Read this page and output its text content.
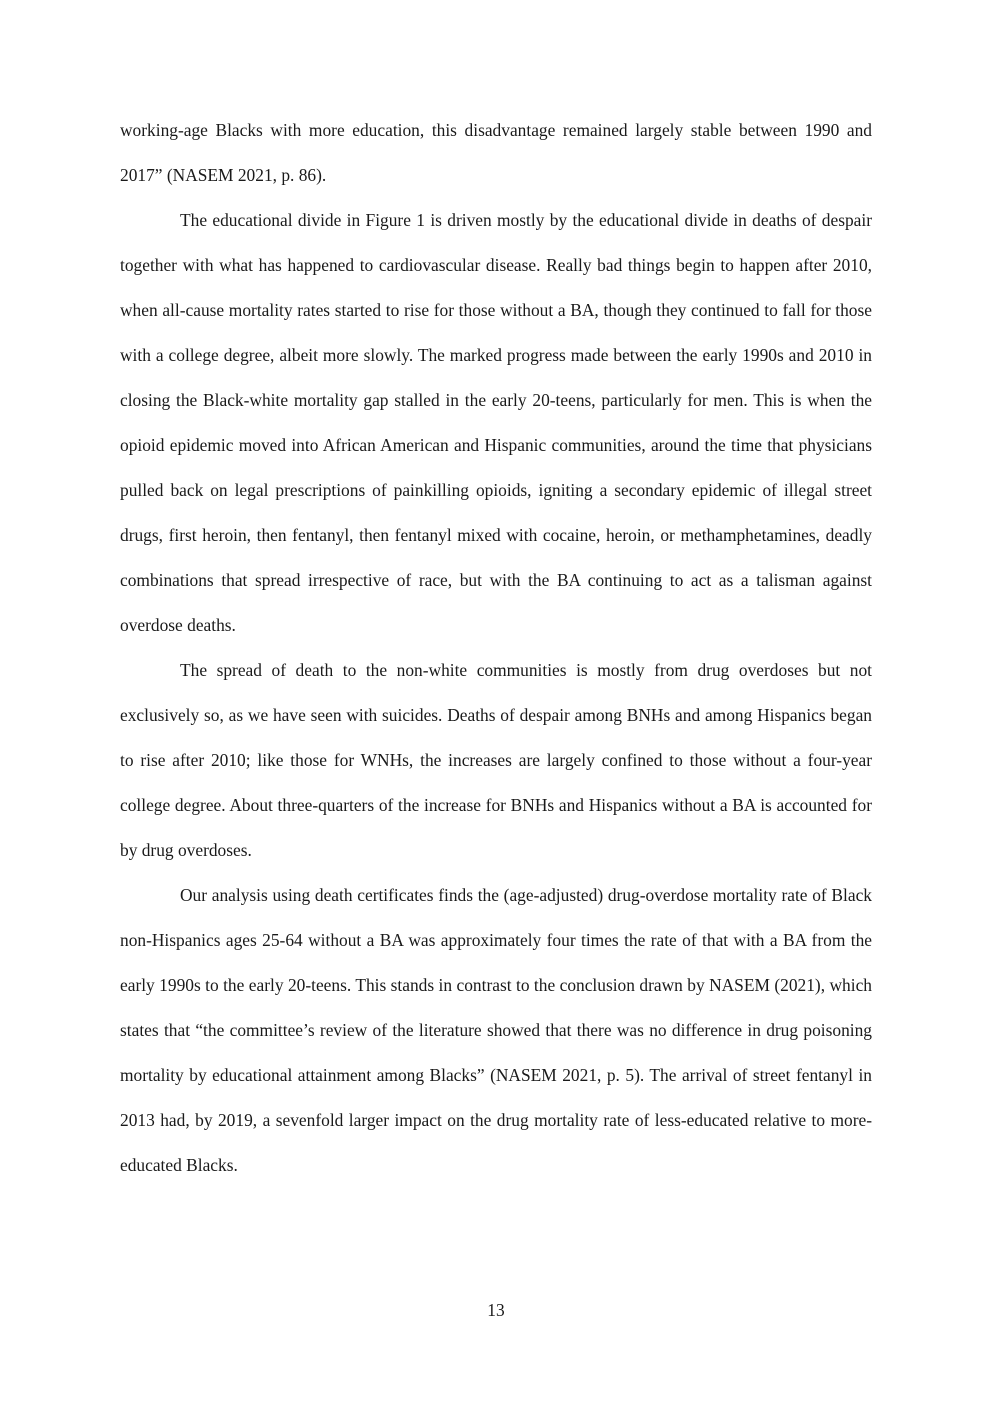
working-age Blacks with more education, this disadvantage remained largely stable between 1990 and 2017” (NASEM 2021, p. 86).

The educational divide in Figure 1 is driven mostly by the educational divide in deaths of despair together with what has happened to cardiovascular disease. Really bad things begin to happen after 2010, when all-cause mortality rates started to rise for those without a BA, though they continued to fall for those with a college degree, albeit more slowly. The marked progress made between the early 1990s and 2010 in closing the Black-white mortality gap stalled in the early 20-teens, particularly for men. This is when the opioid epidemic moved into African American and Hispanic communities, around the time that physicians pulled back on legal prescriptions of painkilling opioids, igniting a secondary epidemic of illegal street drugs, first heroin, then fentanyl, then fentanyl mixed with cocaine, heroin, or methamphetamines, deadly combinations that spread irrespective of race, but with the BA continuing to act as a talisman against overdose deaths.

The spread of death to the non-white communities is mostly from drug overdoses but not exclusively so, as we have seen with suicides. Deaths of despair among BNHs and among Hispanics began to rise after 2010; like those for WNHs, the increases are largely confined to those without a four-year college degree. About three-quarters of the increase for BNHs and Hispanics without a BA is accounted for by drug overdoses.

Our analysis using death certificates finds the (age-adjusted) drug-overdose mortality rate of Black non-Hispanics ages 25-64 without a BA was approximately four times the rate of that with a BA from the early 1990s to the early 20-teens. This stands in contrast to the conclusion drawn by NASEM (2021), which states that “the committee’s review of the literature showed that there was no difference in drug poisoning mortality by educational attainment among Blacks” (NASEM 2021, p. 5). The arrival of street fentanyl in 2013 had, by 2019, a sevenfold larger impact on the drug mortality rate of less-educated relative to more-educated Blacks.

13
